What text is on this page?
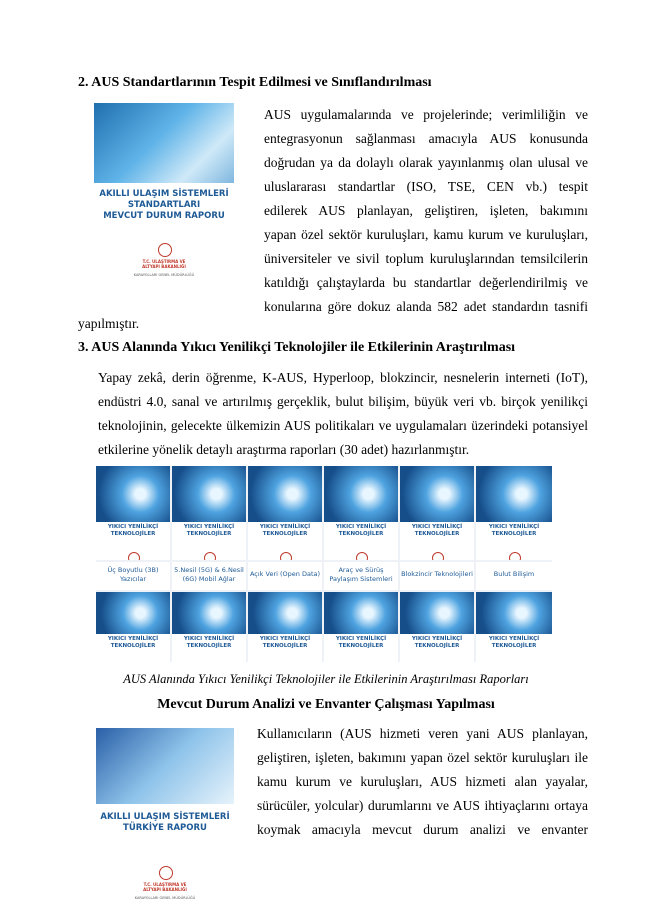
2. AUS Standartlarının Tespit Edilmesi ve Sınıflandırılması
AKILLI ULAŞIM SİSTEMLERİ
STANDARTLARI
MEVCUT DURUM RAPORU
T.C. ULAŞTIRMA VE
ALTYAPI BAKANLIĞI
KARAYOLLARI GENEL MÜDÜRLÜĞÜ
AUS uygulamalarında ve projelerinde; verimliliğin ve
entegrasyonun sağlanması amacıyla AUS konusunda
doğrudan ya da dolaylı olarak yayınlanmış olan ulusal ve
uluslararası standartlar (ISO, TSE, CEN vb.) tespit
edilerek AUS planlayan, geliştiren, işleten, bakımını
yapan özel sektör kuruluşları, kamu kurum ve kuruluşları,
üniversiteler ve sivil toplum kuruluşlarından temsilcilerin
katıldığı çalıştaylarda bu standartlar değerlendirilmiş ve
konularına göre dokuz alanda 582 adet standardın tasnifi
yapılmıştır.
3. AUS Alanında Yıkıcı Yenilikçi Teknolojiler ile Etkilerinin Araştırılması
Yapay zekâ, derin öğrenme, K-AUS, Hyperloop, blokzincir, nesnelerin interneti (IoT),
endüstri 4.0, sanal ve artırılmış gerçeklik, bulut bilişim, büyük veri vb. birçok yenilikçi
teknolojinin, gelecekte ülkemizin AUS politikaları ve uygulamaları üzerindeki potansiyel
etkilerine yönelik detaylı araştırma raporları (30 adet) hazırlanmıştır.
YIKICI YENİLİKÇİ
TEKNOLOJİLER
YIKICI YENİLİKÇİ
TEKNOLOJİLER
YIKICI YENİLİKÇİ
TEKNOLOJİLER
YIKICI YENİLİKÇİ
TEKNOLOJİLER
YIKICI YENİLİKÇİ
TEKNOLOJİLER
YIKICI YENİLİKÇİ
TEKNOLOJİLER
Üç Boyutlu (3B) Yazıcılar
5.Nesil (5G) & 6.Nesil (6G) Mobil Ağlar
Açık Veri (Open Data)	Araç ve Sürüş Paylaşım Sistemleri
Blokzincir Teknolojileri	Bulut Bilişim
YIKICI YENİLİKÇİ
TEKNOLOJİLER
YIKICI YENİLİKÇİ
TEKNOLOJİLER
YIKICI YENİLİKÇİ
TEKNOLOJİLER
YIKICI YENİLİKÇİ
TEKNOLOJİLER
YIKICI YENİLİKÇİ
TEKNOLOJİLER
YIKICI YENİLİKÇİ
TEKNOLOJİLER
AUS Alanında Yıkıcı Yenilikçi Teknolojiler ile Etkilerinin Araştırılması Raporları
Mevcut Durum Analizi ve Envanter Çalışması Yapılması
AKILLI ULAŞIM SİSTEMLERİ
TÜRKİYE RAPORU
T.C. ULAŞTIRMA VE
ALTYAPI BAKANLIĞI
KARAYOLLARI GENEL MÜDÜRLÜĞÜ
Kullanıcıların (AUS hizmeti veren yani AUS planlayan,
geliştiren, işleten, bakımını yapan özel sektör kuruluşları ile
kamu kurum ve kuruluşları, AUS hizmeti alan yayalar,
sürücüler, yolcular) durumlarını ve AUS ihtiyaçlarını ortaya
koymak amacıyla mevcut durum analizi ve envanter
